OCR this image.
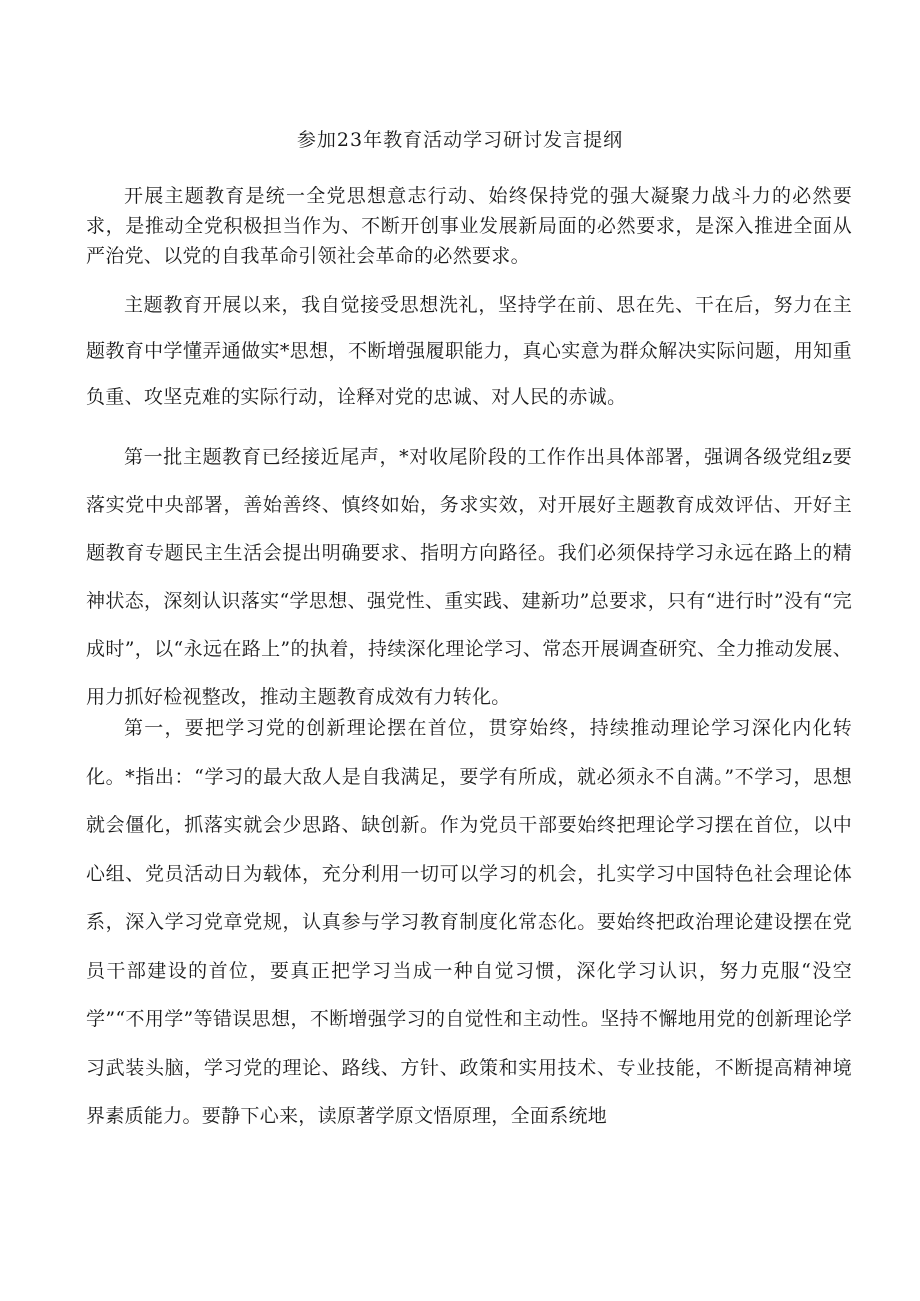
参加23年教育活动学习研讨发言提纲

开展主题教育是统一全党思想意志行动、始终保持党的强大凝聚力战斗力的必然要求，是推动全党积极担当作为、不断开创事业发展新局面的必然要求，是深入推进全面从严治党、以党的自我革命引领社会革命的必然要求。

主题教育开展以来，我自觉接受思想洗礼，坚持学在前、思在先、干在后，努力在主题教育中学懂弄通做实*思想，不断增强履职能力，真心实意为群众解决实际问题，用知重负重、攻坚克难的实际行动，诠释对党的忠诚、对人民的赤诚。

第一批主题教育已经接近尾声，*对收尾阶段的工作作出具体部署，强调各级党组z要落实党中央部署，善始善终、慎终如始，务求实效，对开展好主题教育成效评估、开好主题教育专题民主生活会提出明确要求、指明方向路径。我们必须保持学习永远在路上的精神状态，深刻认识落实“学思想、强党性、重实践、建新功”总要求，只有“进行时”没有“完成时”，以“永远在路上”的执着，持续深化理论学习、常态开展调查研究、全力推动发展、用力抓好检视整改，推动主题教育成效有力转化。

第一，要把学习党的创新理论摆在首位，贯穿始终，持续推动理论学习深化内化转化。*指出：“学习的最大敌人是自我满足，要学有所成，就必须永不自满。”不学习，思想就会僵化，抓落实就会少思路、缺创新。作为党员干部要始终把理论学习摆在首位，以中心组、党员活动日为载体，充分利用一切可以学习的机会，扎实学习中国特色社会理论体系，深入学习党章党规，认真参与学习教育制度化常态化。要始终把政治理论建设摆在党员干部建设的首位，要真正把学习当成一种自觉习惯，深化学习认识，努力克服“没空学”“不用学”等错误思想，不断增强学习的自觉性和主动性。坚持不懈地用党的创新理论学习武装头脑，学习党的理论、路线、方针、政策和实用技术、专业技能，不断提高精神境界素质能力。要静下心来，读原著学原文悟原理，全面系统地
